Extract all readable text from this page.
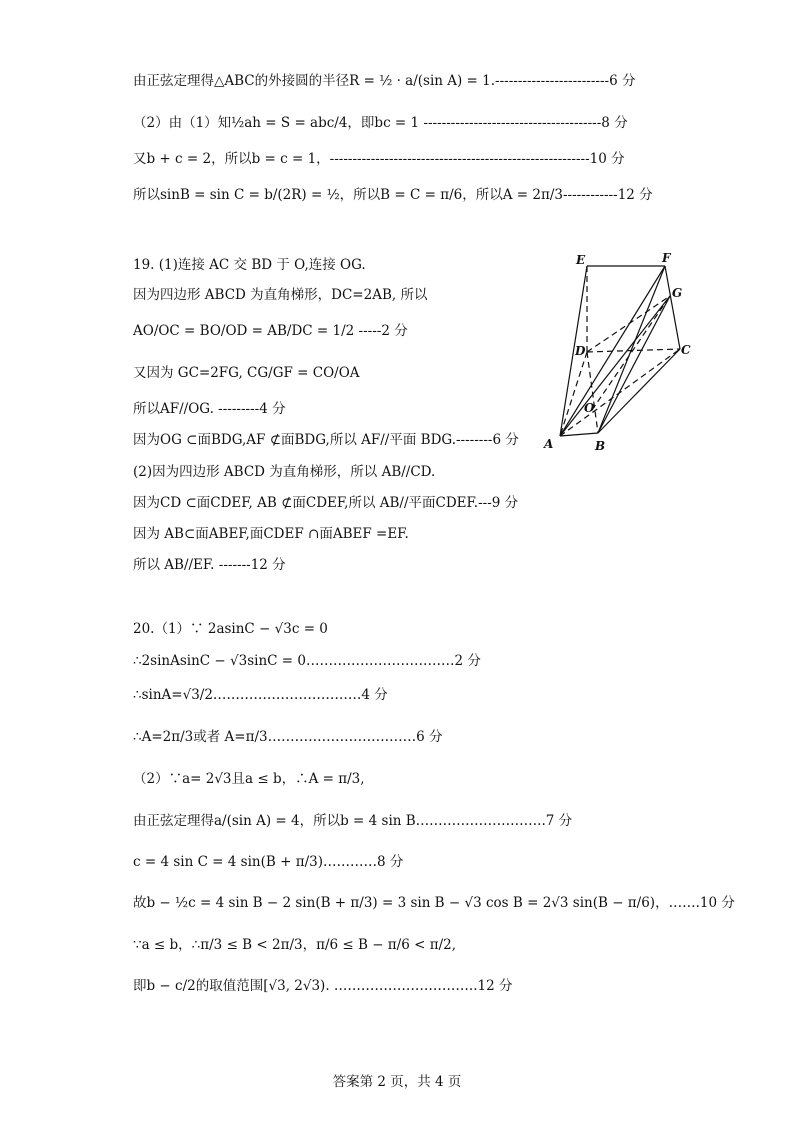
由正弦定理得△ABC的外接圆的半径R = ½ · a/(sin A) = 1.-------------------------6 分
（2）由（1）知½ah = S = abc/4，即bc = 1 ---------------------------------------8 分
又b + c = 2，所以b = c = 1，---------------------------------------------------------10 分
所以sinB = sin C = b/(2R) = ½，所以B = C = π/6，所以A = 2π/3------------12 分
19. (1)连接 AC 交 BD 于 O,连接 OG.
因为四边形 ABCD 为直角梯形，DC=2AB, 所以
AO/OC = BO/OD = AB/DC = 1/2 -----2 分
又因为 GC=2FG, CG/GF = CO/OA
所以AF//OG. ---------4 分
因为OG ⊂面BDG,AF ⊄面BDG,所以 AF//平面 BDG.--------6 分
(2)因为四边形 ABCD 为直角梯形，所以 AB//CD.
因为CD ⊂面CDEF, AB ⊄面CDEF,所以 AB//平面CDEF.---9 分
因为 AB⊂面ABEF,面CDEF ∩面ABEF =EF.
所以 AB//EF. -------12 分
20.（1）∵ 2asinC − √3c = 0
∴2sinAsinC − √3sinC = 0……………………………2 分
∴sinA=√3/2……………………………4 分
∴A=2π/3或者 A=π/3……………………………6 分
（2）∵a= 2√3且a ≤ b，∴A = π/3,
由正弦定理得a/(sin A) = 4，所以b = 4 sin B………………………..7 分
c = 4 sin C = 4 sin(B + π/3)…………8 分
故b − ½c = 4 sin B − 2 sin(B + π/3) = 3 sin B − √3 cos B = 2√3 sin(B − π/6)，…….10 分
∵a ≤ b，∴π/3 ≤ B < 2π/3，π/6 ≤ B − π/6 < π/2,
即b − c/2的取值范围[√3, 2√3). …………………………..12 分
E	F
G
D	C
O
A	B
答案第 2 页，共 4 页
